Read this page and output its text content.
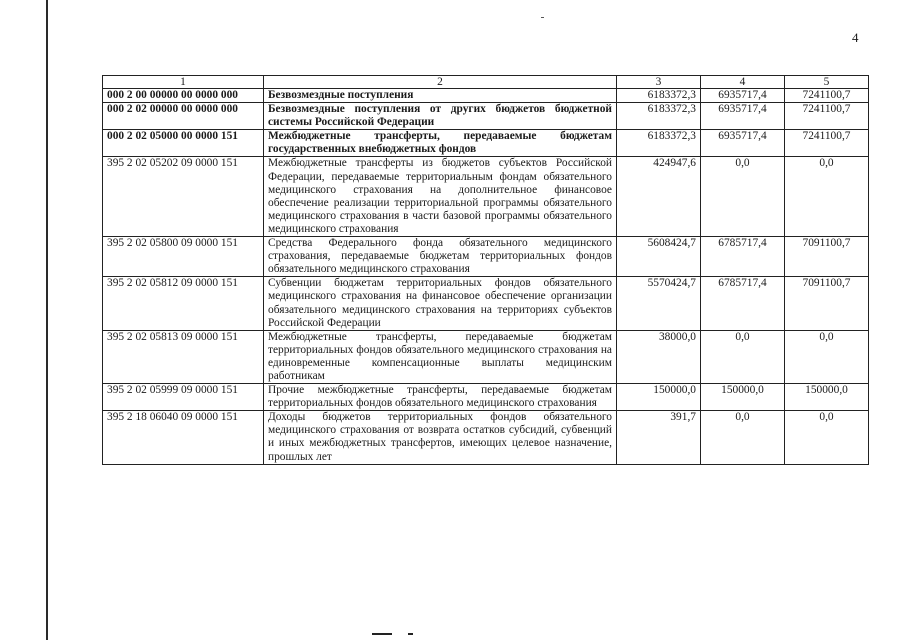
4
1	2	3	4	5
000 2 00 00000 00 0000 000	Безвозмездные поступления	6183372,3	6935717,4	7241100,7
000 2 02 00000 00 0000 000	Безвозмездные поступления от других бюджетов бюджетной системы Российской Федерации	6183372,3	6935717,4	7241100,7
000 2 02 05000 00 0000 151	Межбюджетные трансферты, передаваемые бюджетам государственных внебюджетных фондов	6183372,3	6935717,4	7241100,7
395 2 02 05202 09 0000 151	Межбюджетные трансферты из бюджетов субъектов Российской Федерации, передаваемые территориальным фондам обязательного медицинского страхования на дополнительное финансовое обеспечение реализации территориальной программы обязательного медицинского страхования в части базовой программы обязательного медицинского страхования	424947,6	0,0	0,0
395 2 02 05800 09 0000 151	Средства Федерального фонда обязательного медицинского страхования, передаваемые бюджетам территориальных фондов обязательного медицинского страхования	5608424,7	6785717,4	7091100,7
395 2 02 05812 09 0000 151	Субвенции бюджетам территориальных фондов обязательного медицинского страхования на финансовое обеспечение организации обязательного медицинского страхования на территориях субъектов Российской Федерации	5570424,7	6785717,4	7091100,7
395 2 02 05813 09 0000 151	Межбюджетные трансферты, передаваемые бюджетам территориальных фондов обязательного медицинского страхования на единовременные компенсационные выплаты медицинским работникам	38000,0	0,0	0,0
395 2 02 05999 09 0000 151	Прочие межбюджетные трансферты, передаваемые бюджетам территориальных фондов обязательного медицинского страхования	150000,0	150000,0	150000,0
395 2 18 06040 09 0000 151	Доходы бюджетов территориальных фондов обязательного медицинского страхования от возврата остатков субсидий, субвенций и иных межбюджетных трансфертов, имеющих целевое назначение, прошлых лет	391,7	0,0	0,0
